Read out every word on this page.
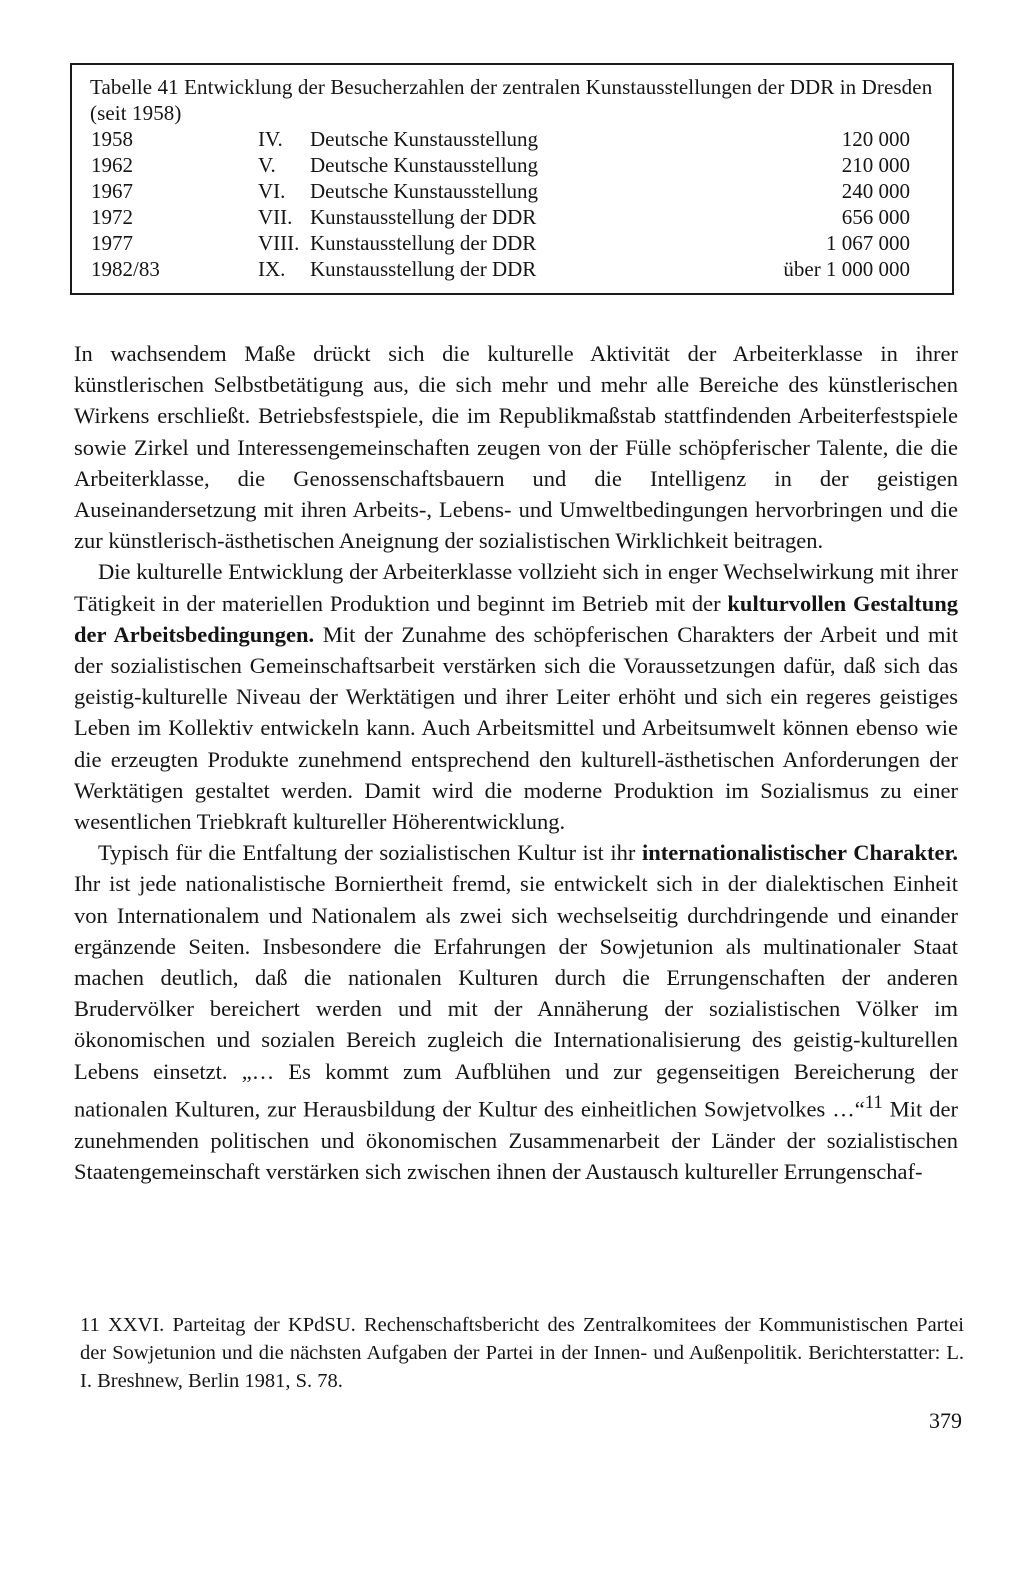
Tabelle 41 Entwicklung der Besucherzahlen der zentralen Kunstausstellungen der DDR in Dresden (seit 1958)
1958	IV. Deutsche Kunstausstellung	120 000
1962	V. Deutsche Kunstausstellung	210 000
1967	VI. Deutsche Kunstausstellung	240 000
1972	VII. Kunstausstellung der DDR	656 000
1977	VIII. Kunstausstellung der DDR	1 067 000
1982/83	IX. Kunstausstellung der DDR	über 1 000 000

In wachsendem Maße drückt sich die kulturelle Aktivität der Arbeiterklasse in ihrer künstlerischen Selbstbetätigung aus, die sich mehr und mehr alle Bereiche des künstlerischen Wirkens erschließt. Betriebsfestspiele, die im Republikmaßstab stattfindenden Arbeiterfestspiele sowie Zirkel und Interessengemeinschaften zeugen von der Fülle schöpferischer Talente, die die Arbeiterklasse, die Genossenschaftsbauern und die Intelligenz in der geistigen Auseinandersetzung mit ihren Arbeits-, Lebens- und Umweltbedingungen hervorbringen und die zur künstlerisch-ästhetischen Aneignung der sozialistischen Wirklichkeit beitragen.

Die kulturelle Entwicklung der Arbeiterklasse vollzieht sich in enger Wechselwirkung mit ihrer Tätigkeit in der materiellen Produktion und beginnt im Betrieb mit der kulturvollen Gestaltung der Arbeitsbedingungen. Mit der Zunahme des schöpferischen Charakters der Arbeit und mit der sozialistischen Gemeinschaftsarbeit verstärken sich die Voraussetzungen dafür, daß sich das geistig-kulturelle Niveau der Werktätigen und ihrer Leiter erhöht und sich ein regeres geistiges Leben im Kollektiv entwickeln kann. Auch Arbeitsmittel und Arbeitsumwelt können ebenso wie die erzeugten Produkte zunehmend entsprechend den kulturell-ästhetischen Anforderungen der Werktätigen gestaltet werden. Damit wird die moderne Produktion im Sozialismus zu einer wesentlichen Triebkraft kultureller Höherentwicklung.

Typisch für die Entfaltung der sozialistischen Kultur ist ihr internationalistischer Charakter. Ihr ist jede nationalistische Borniertheit fremd, sie entwickelt sich in der dialektischen Einheit von Internationalem und Nationalem als zwei sich wechselseitig durchdringende und einander ergänzende Seiten. Insbesondere die Erfahrungen der Sowjetunion als multinationaler Staat machen deutlich, daß die nationalen Kulturen durch die Errungenschaften der anderen Brudervölker bereichert werden und mit der Annäherung der sozialistischen Völker im ökonomischen und sozialen Bereich zugleich die Internationalisierung des geistig-kulturellen Lebens einsetzt. „… Es kommt zum Aufblühen und zur gegenseitigen Bereicherung der nationalen Kulturen, zur Herausbildung der Kultur des einheitlichen Sowjetvolkes …“$^{11}$ Mit der zunehmenden politischen und ökonomischen Zusammenarbeit der Länder der sozialistischen Staatengemeinschaft verstärken sich zwischen ihnen der Austausch kultureller Errungenschaf-

11 XXVI. Parteitag der KPdSU. Rechenschaftsbericht des Zentralkomitees der Kommunistischen Partei der Sowjetunion und die nächsten Aufgaben der Partei in der Innen- und Außenpolitik. Berichterstatter: L. I. Breshnew, Berlin 1981, S. 78.
379
